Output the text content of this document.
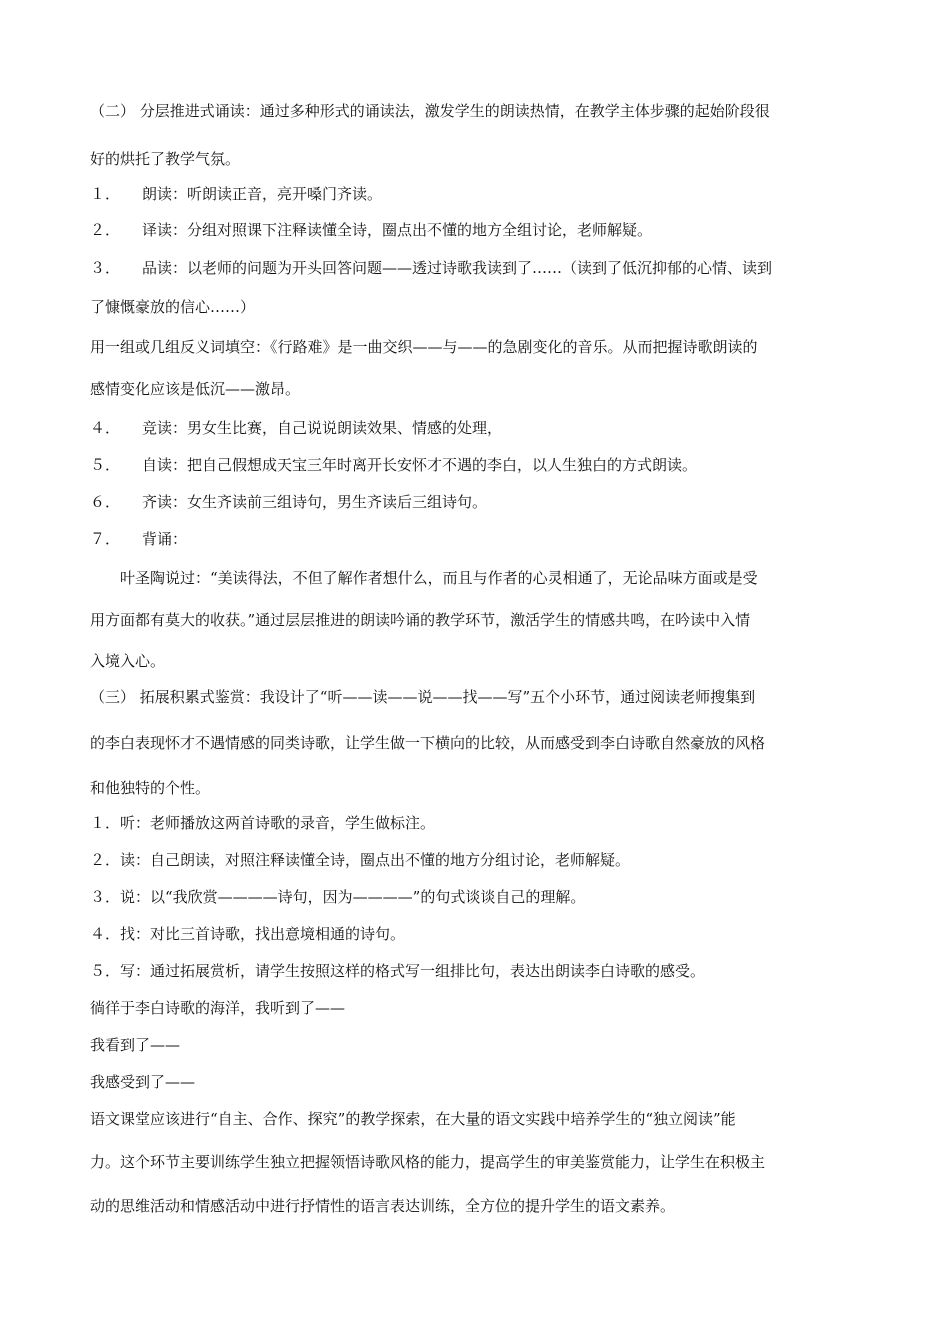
（二） 分层推进式诵读：通过多种形式的诵读法，激发学生的朗读热情，在教学主体步骤的起始阶段很
好的烘托了教学气氛。
１． 朗读：听朗读正音，亮开嗓门齐读。
２． 译读：分组对照课下注释读懂全诗，圈点出不懂的地方全组讨论，老师解疑。
３． 品读：以老师的问题为开头回答问题——透过诗歌我读到了……（读到了低沉抑郁的心情、读到
了慷慨豪放的信心……）
用一组或几组反义词填空：《行路难》是一曲交织——与——的急剧变化的音乐。从而把握诗歌朗读的
感情变化应该是低沉——激昂。
４． 竞读：男女生比赛，自己说说朗读效果、情感的处理，
５． 自读：把自己假想成天宝三年时离开长安怀才不遇的李白，以人生独白的方式朗读。
６． 齐读：女生齐读前三组诗句，男生齐读后三组诗句。
７． 背诵：
叶圣陶说过：“美读得法，不但了解作者想什么，而且与作者的心灵相通了，无论品味方面或是受
用方面都有莫大的收获。”通过层层推进的朗读吟诵的教学环节，激活学生的情感共鸣，在吟读中入情
入境入心。
（三） 拓展积累式鉴赏：我设计了“听——读——说——找——写”五个小环节，通过阅读老师搜集到
的李白表现怀才不遇情感的同类诗歌，让学生做一下横向的比较，从而感受到李白诗歌自然豪放的风格
和他独特的个性。
１．听：老师播放这两首诗歌的录音，学生做标注。
２．读：自己朗读，对照注释读懂全诗，圈点出不懂的地方分组讨论，老师解疑。
３．说：以“我欣赏————诗句，因为————”的句式谈谈自己的理解。
４．找：对比三首诗歌，找出意境相通的诗句。
５．写：通过拓展赏析，请学生按照这样的格式写一组排比句，表达出朗读李白诗歌的感受。
徜徉于李白诗歌的海洋，我听到了——
我看到了——
我感受到了——
语文课堂应该进行“自主、合作、探究”的教学探索，在大量的语文实践中培养学生的“独立阅读”能
力。这个环节主要训练学生独立把握领悟诗歌风格的能力，提高学生的审美鉴赏能力，让学生在积极主
动的思维活动和情感活动中进行抒情性的语言表达训练，全方位的提升学生的语文素养。
